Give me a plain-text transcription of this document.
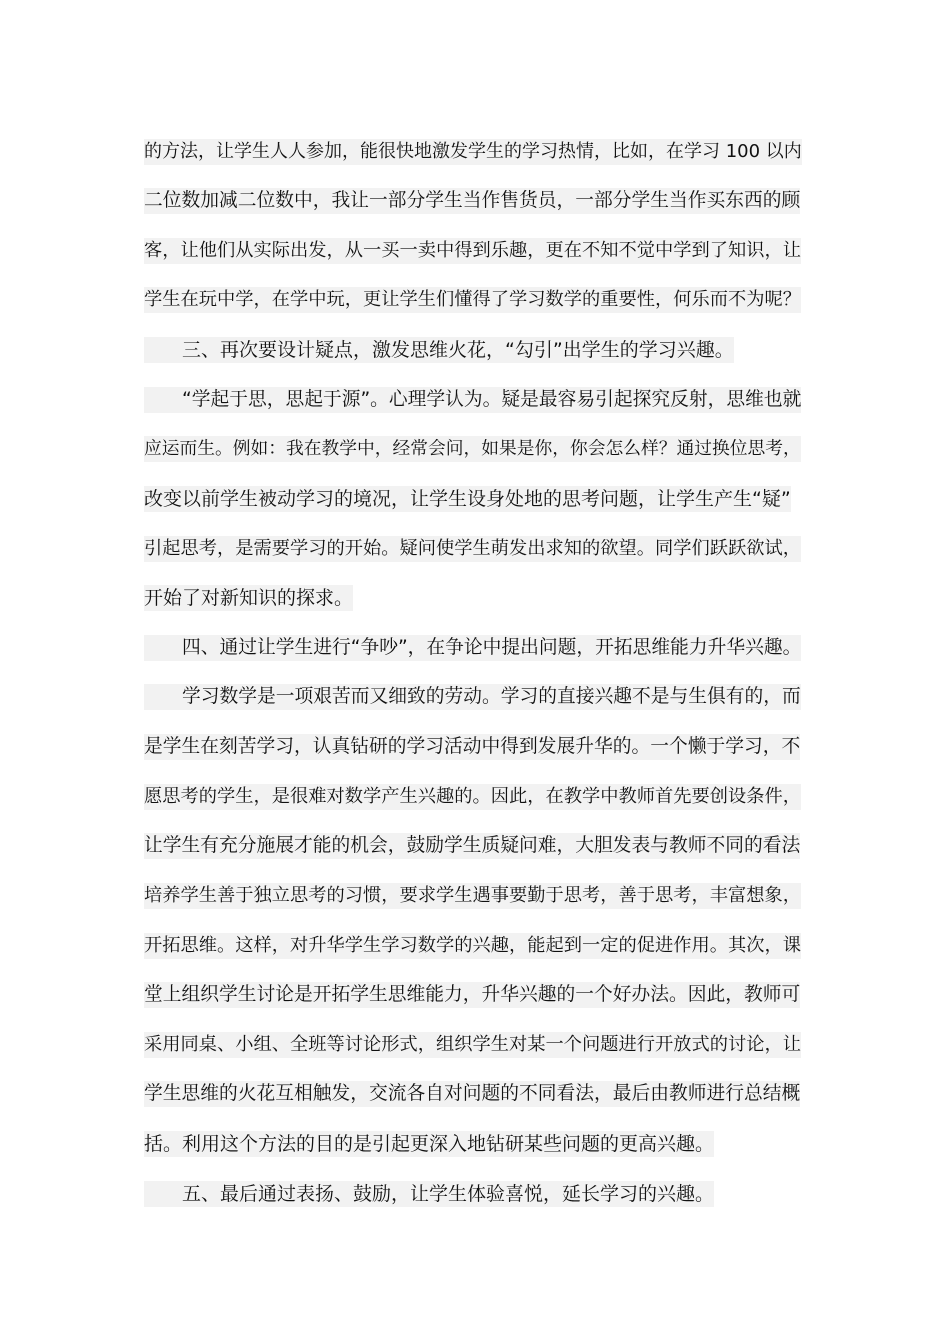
的方法，让学生人人参加，能很快地激发学生的学习热情，比如，在学习 100 以内
二位数加减二位数中，我让一部分学生当作售货员，一部分学生当作买东西的顾
客，让他们从实际出发，从一买一卖中得到乐趣，更在不知不觉中学到了知识，让
学生在玩中学，在学中玩，更让学生们懂得了学习数学的重要性，何乐而不为呢？
三、再次要设计疑点，激发思维火花，“勾引”出学生的学习兴趣。
“学起于思，思起于源”。心理学认为。疑是最容易引起探究反射，思维也就
应运而生。例如：我在教学中，经常会问，如果是你，你会怎么样？通过换位思考，
改变以前学生被动学习的境况，让学生设身处地的思考问题，让学生产生“疑”
引起思考，是需要学习的开始。疑问使学生萌发出求知的欲望。同学们跃跃欲试，
开始了对新知识的探求。
四、通过让学生进行“争吵”，在争论中提出问题，开拓思维能力升华兴趣。
学习数学是一项艰苦而又细致的劳动。学习的直接兴趣不是与生俱有的，而
是学生在刻苦学习，认真钻研的学习活动中得到发展升华的。一个懒于学习，不
愿思考的学生，是很难对数学产生兴趣的。因此，在教学中教师首先要创设条件，
让学生有充分施展才能的机会，鼓励学生质疑问难，大胆发表与教师不同的看法
培养学生善于独立思考的习惯，要求学生遇事要勤于思考，善于思考，丰富想象，
开拓思维。这样，对升华学生学习数学的兴趣，能起到一定的促进作用。其次，课
堂上组织学生讨论是开拓学生思维能力，升华兴趣的一个好办法。因此，教师可
采用同桌、小组、全班等讨论形式，组织学生对某一个问题进行开放式的讨论，让
学生思维的火花互相触发，交流各自对问题的不同看法，最后由教师进行总结概
括。利用这个方法的目的是引起更深入地钻研某些问题的更高兴趣。
五、最后通过表扬、鼓励，让学生体验喜悦，延长学习的兴趣。
